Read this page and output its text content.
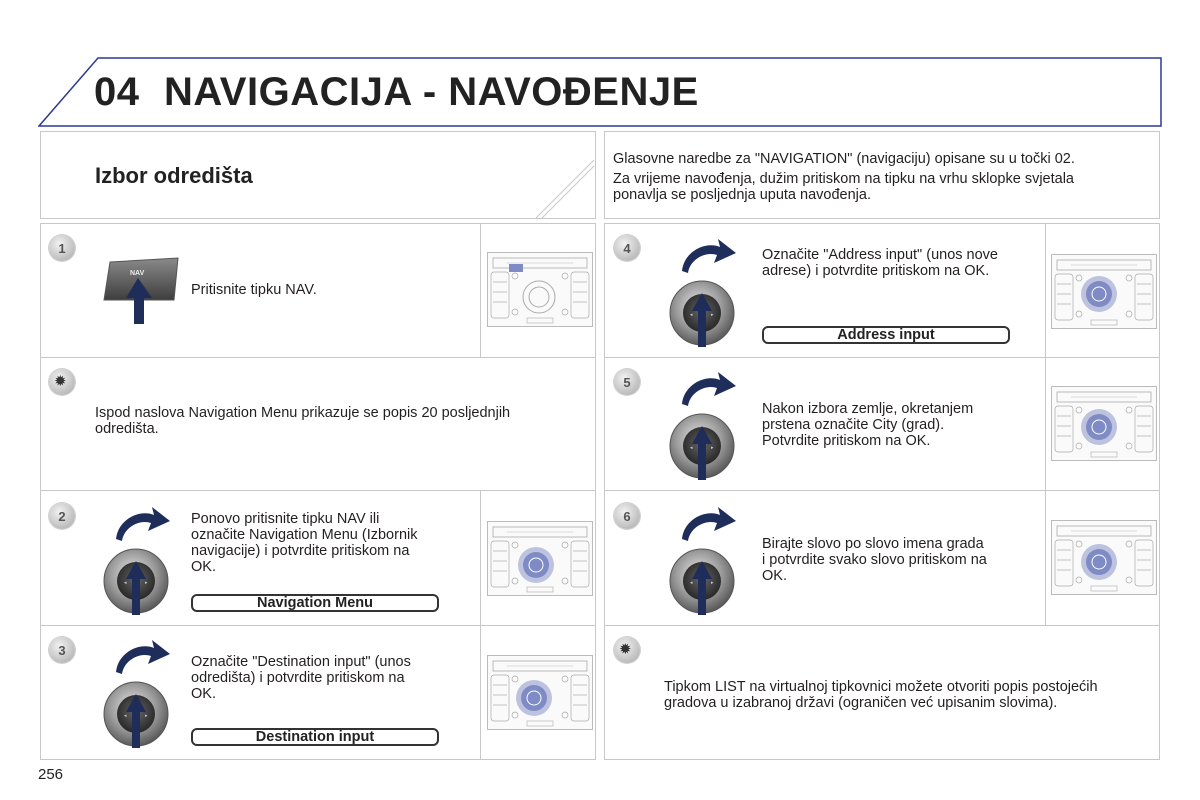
04 NAVIGACIJA - NAVOĐENJE
Izbor odredišta
Glasovne naredbe za "NAVIGATION" (navigaciju) opisane su u točki 02.
Za vrijeme navođenja, dužim pritiskom na tipku na vrhu sklopke svjetala
ponavlja se posljednja uputa navođenja.
1
NAV
Pritisnite tipku NAV.
✹
Ispod naslova Navigation Menu prikazuje se popis 20 posljednjih
odredišta.
2	Ponovo pritisnite tipku NAV ili
označite Navigation Menu (Izbornik
navigacije) i potvrdite pritiskom na
OK.
Navigation Menu
3
Označite "Destination input" (unos
odredišta) i potvrdite pritiskom na
OK.
Destination input
4	Označite "Address input" (unos nove
adrese) i potvrdite pritiskom na OK.
Address input
5
Nakon izbora zemlje, okretanjem
prstena označite City (grad).
Potvrdite pritiskom na OK.
6
Birajte slovo po slovo imena grada
i potvrdite svako slovo pritiskom na
OK.
✹
Tipkom LIST na virtualnoj tipkovnici možete otvoriti popis postojećih
gradova u izabranoj državi (ograničen već upisanim slovima).
256
